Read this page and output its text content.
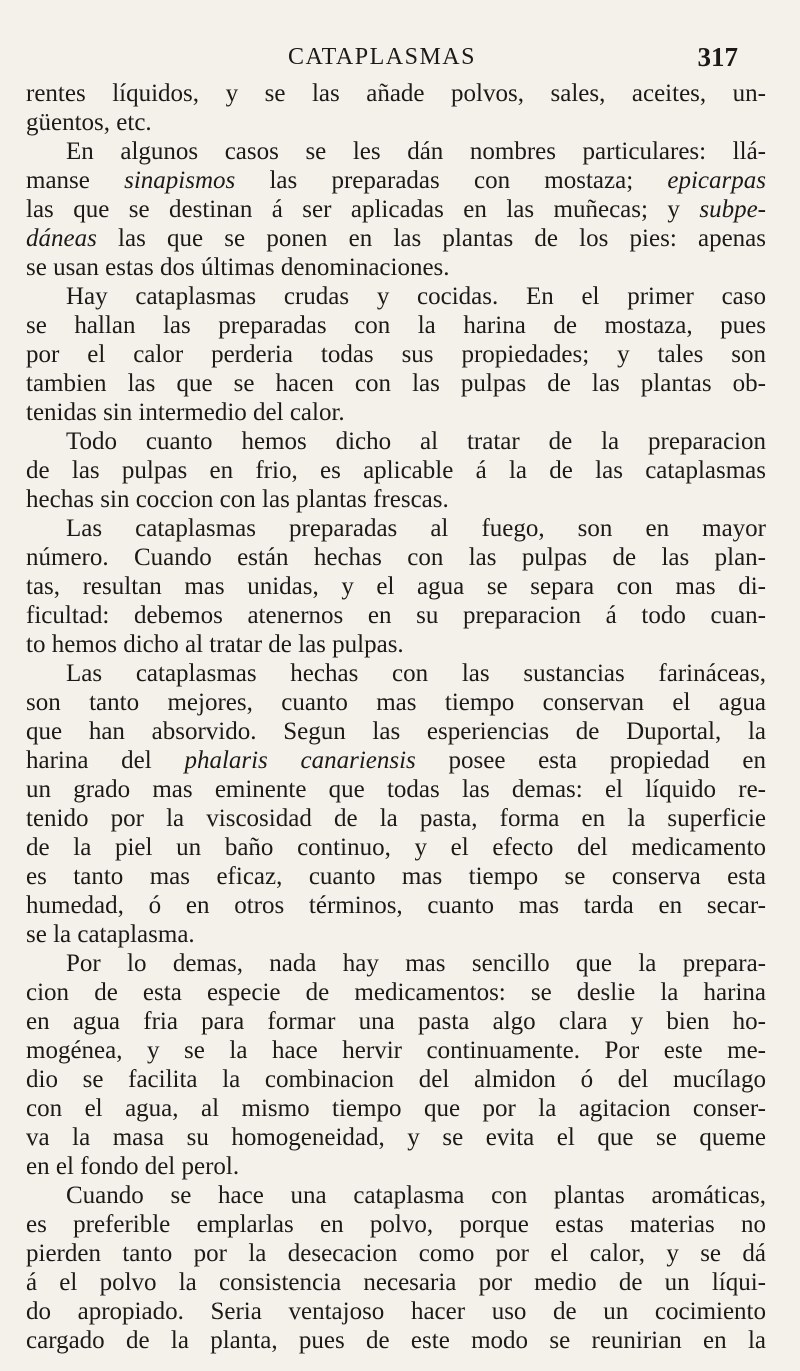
CATAPLASMAS	317
rentes líquidos, y se las añade polvos, sales, aceites, un-
güentos, etc.
En algunos casos se les dán nombres particulares: llá-
manse sinapismos las preparadas con mostaza; epicarpas
las que se destinan á ser aplicadas en las muñecas; y subpe-
dáneas las que se ponen en las plantas de los pies: apenas
se usan estas dos últimas denominaciones.
Hay cataplasmas crudas y cocidas. En el primer caso
se hallan las preparadas con la harina de mostaza, pues
por el calor perderia todas sus propiedades; y tales son
tambien las que se hacen con las pulpas de las plantas ob-
tenidas sin intermedio del calor.
Todo cuanto hemos dicho al tratar de la preparacion
de las pulpas en frio, es aplicable á la de las cataplasmas
hechas sin coccion con las plantas frescas.
Las cataplasmas preparadas al fuego, son en mayor
número. Cuando están hechas con las pulpas de las plan-
tas, resultan mas unidas, y el agua se separa con mas di-
ficultad: debemos atenernos en su preparacion á todo cuan-
to hemos dicho al tratar de las pulpas.
Las cataplasmas hechas con las sustancias farináceas,
son tanto mejores, cuanto mas tiempo conservan el agua
que han absorvido. Segun las esperiencias de Duportal, la
harina del phalaris canariensis posee esta propiedad en
un grado mas eminente que todas las demas: el líquido re-
tenido por la viscosidad de la pasta, forma en la superficie
de la piel un baño continuo, y el efecto del medicamento
es tanto mas eficaz, cuanto mas tiempo se conserva esta
humedad, ó en otros términos, cuanto mas tarda en secar-
se la cataplasma.
Por lo demas, nada hay mas sencillo que la prepara-
cion de esta especie de medicamentos: se deslie la harina
en agua fria para formar una pasta algo clara y bien ho-
mogénea, y se la hace hervir continuamente. Por este me-
dio se facilita la combinacion del almidon ó del mucílago
con el agua, al mismo tiempo que por la agitacion conser-
va la masa su homogeneidad, y se evita el que se queme
en el fondo del perol.
Cuando se hace una cataplasma con plantas aromáticas,
es preferible emplarlas en polvo, porque estas materias no
pierden tanto por la desecacion como por el calor, y se dá
á el polvo la consistencia necesaria por medio de un líqui-
do apropiado. Seria ventajoso hacer uso de un cocimiento
cargado de la planta, pues de este modo se reunirian en la
